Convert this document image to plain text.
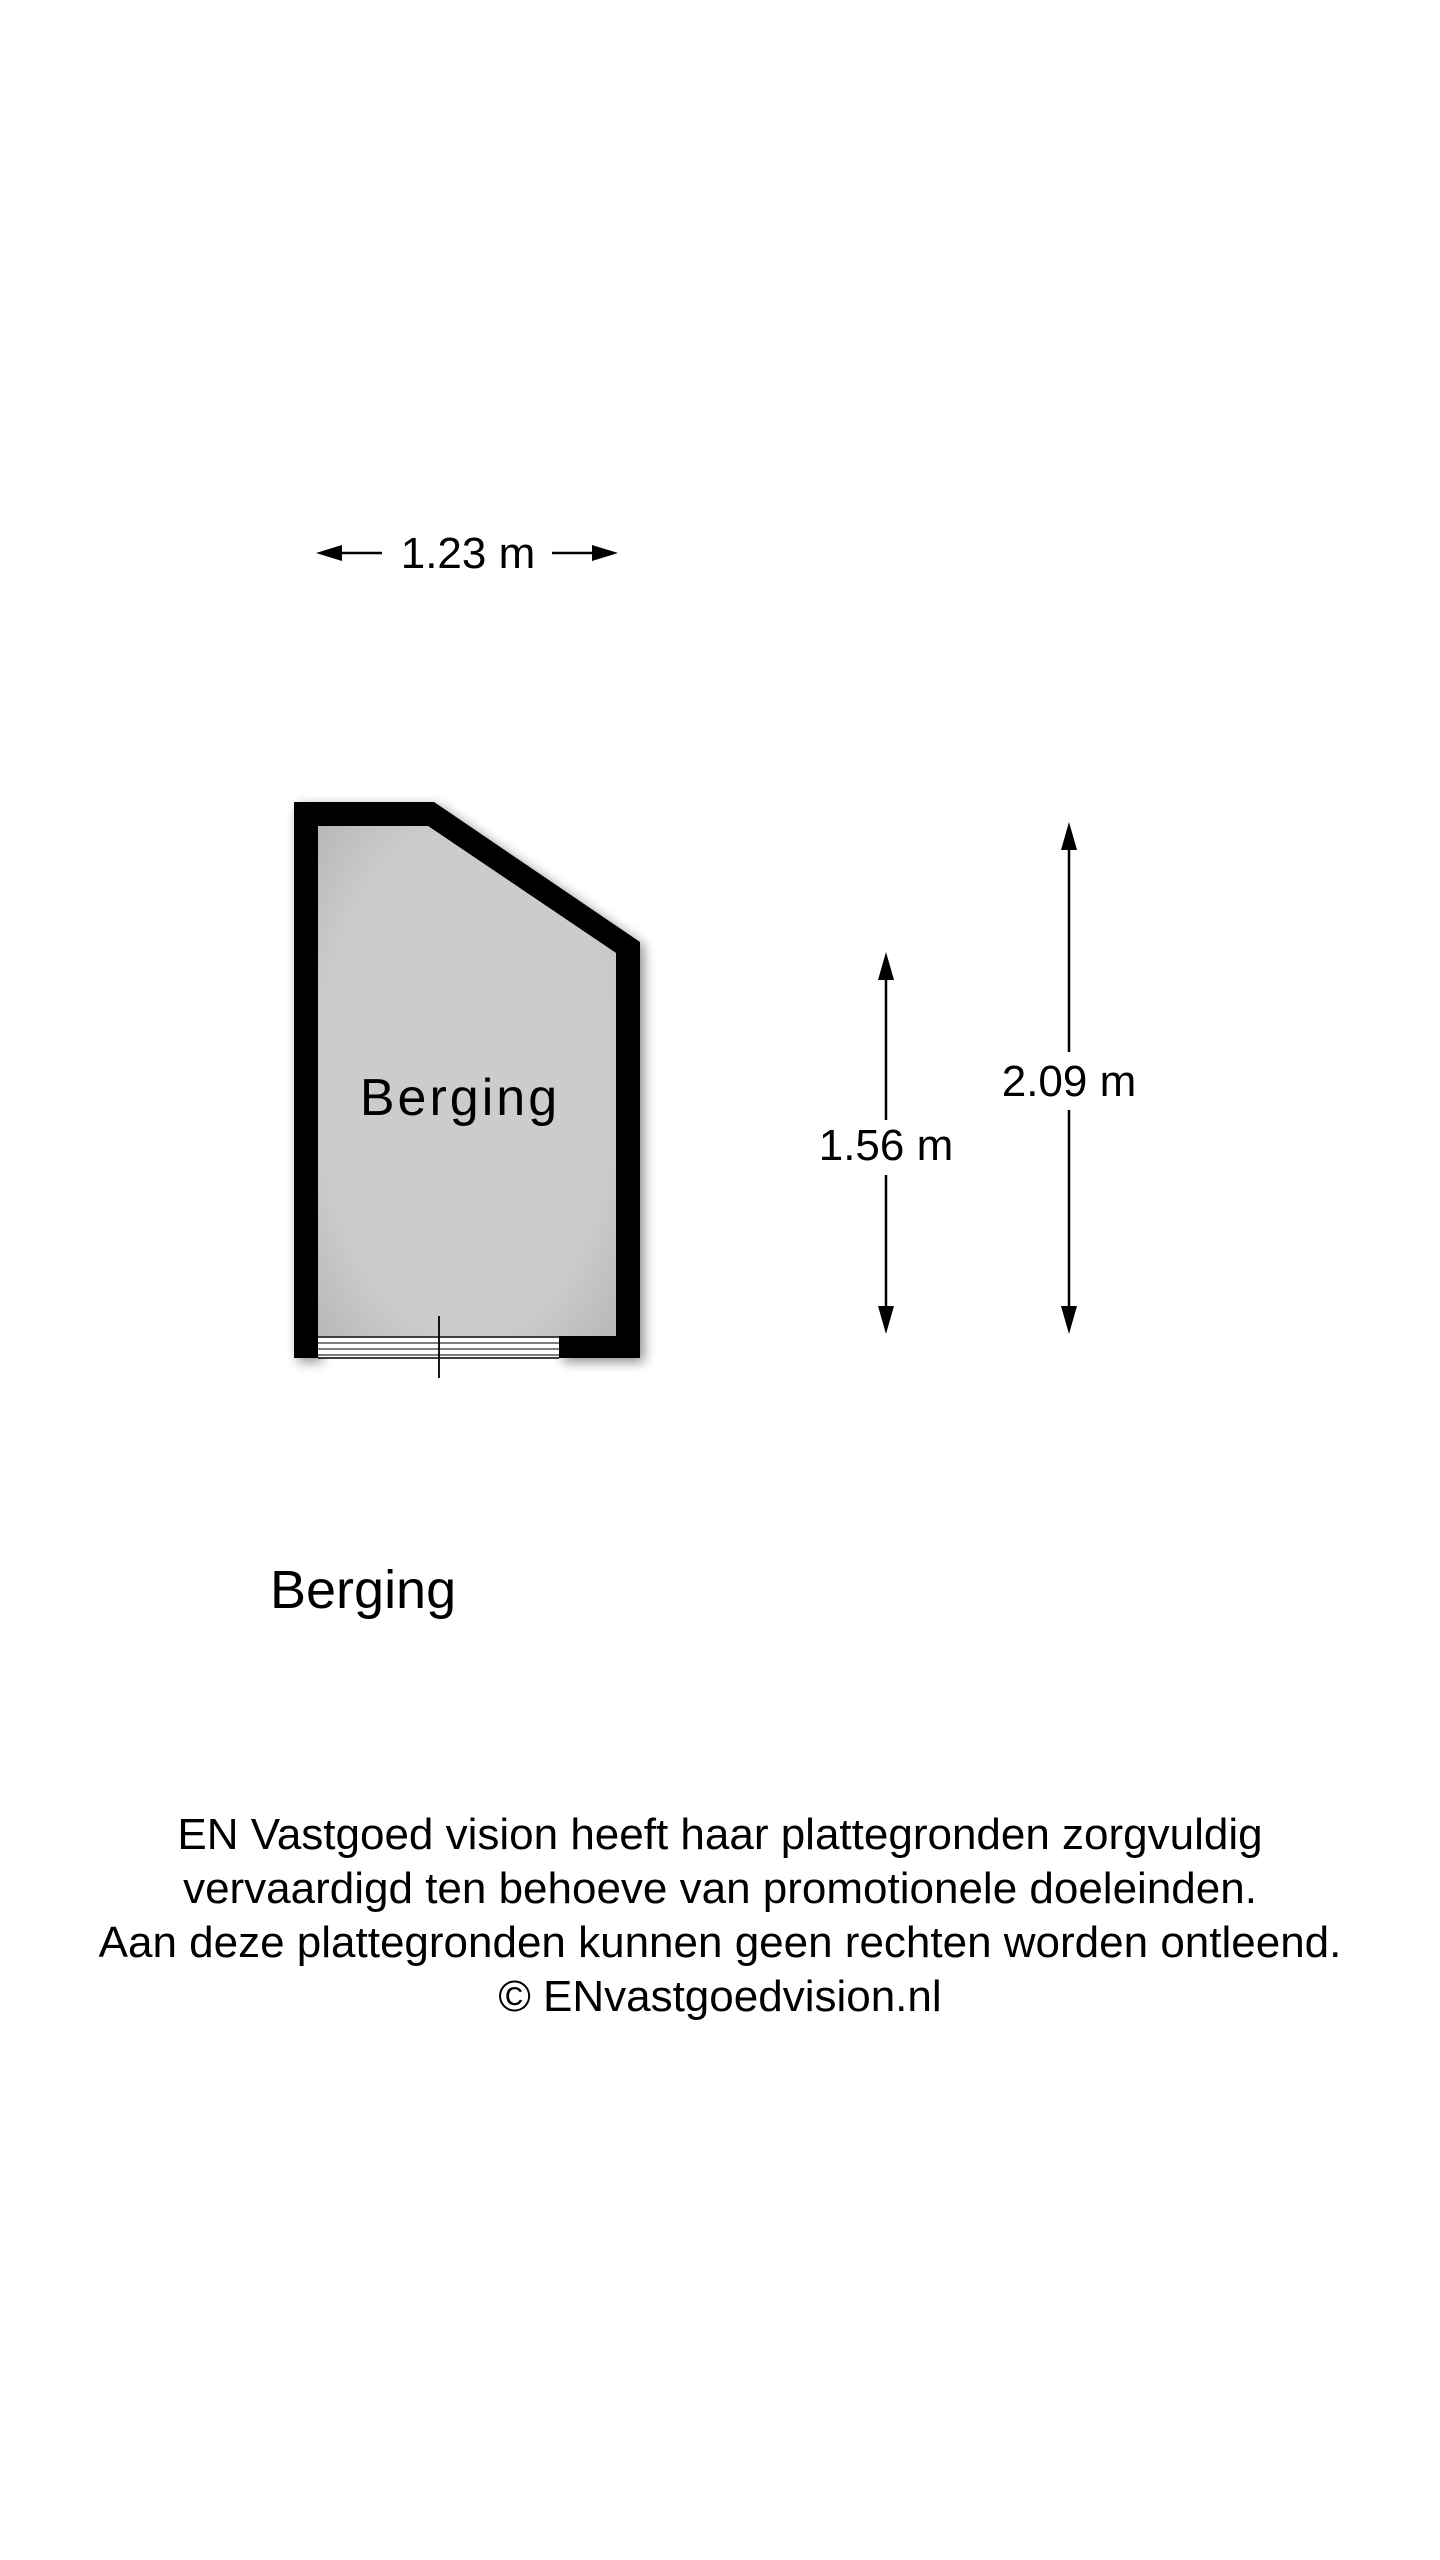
1.23 m
Berging
1.56 m
2.09 m
Berging
EN Vastgoed vision heeft haar plattegronden zorgvuldig
vervaardigd ten behoeve van promotionele doeleinden.
Aan deze plattegronden kunnen geen rechten worden ontleend.
© ENvastgoedvision.nl
